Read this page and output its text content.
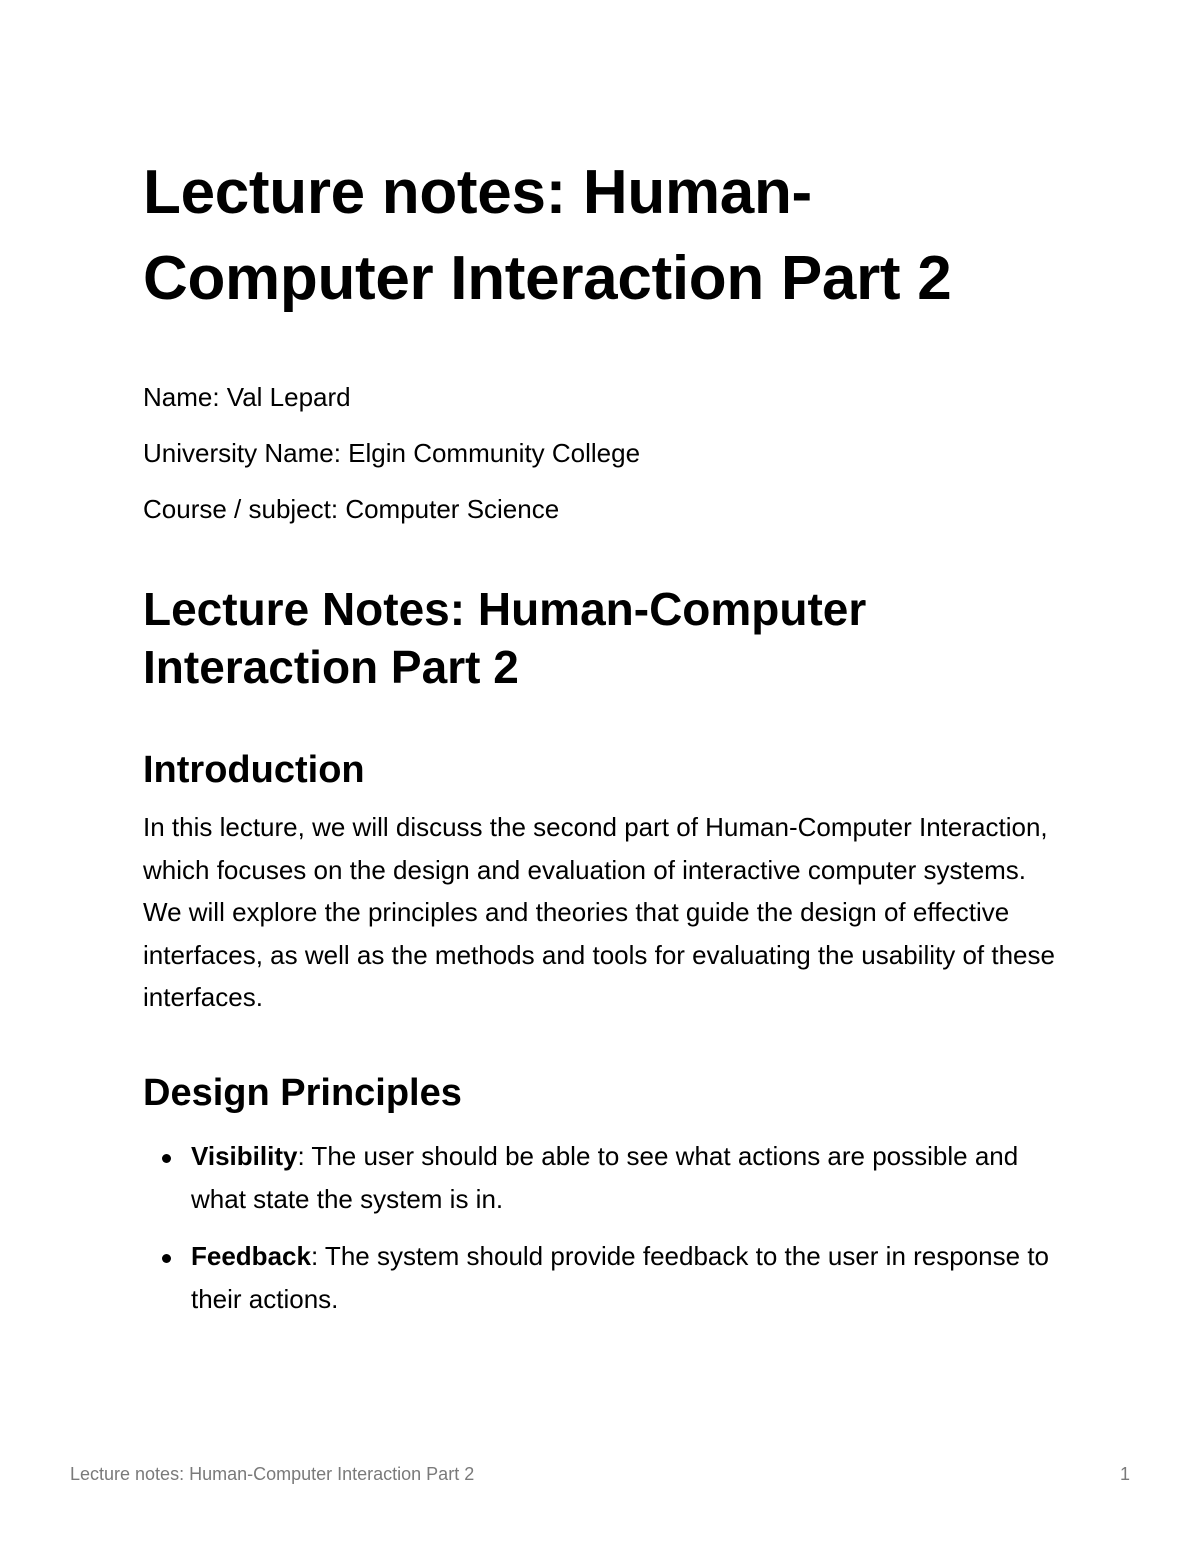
Lecture notes: Human-
Computer Interaction Part 2

Name: Val Lepard

University Name: Elgin Community College

Course / subject: Computer Science

Lecture Notes: Human-Computer
Interaction Part 2
Introduction

In this lecture, we will discuss the second part of Human-Computer Interaction, which focuses on the design and evaluation of interactive computer systems. We will explore the principles and theories that guide the design of effective interfaces, as well as the methods and tools for evaluating the usability of these interfaces.

Design Principles
Visibility: The user should be able to see what actions are possible and what state the system is in.
Feedback: The system should provide feedback to the user in response to their actions.
Lecture notes: Human-Computer Interaction Part 2	1
